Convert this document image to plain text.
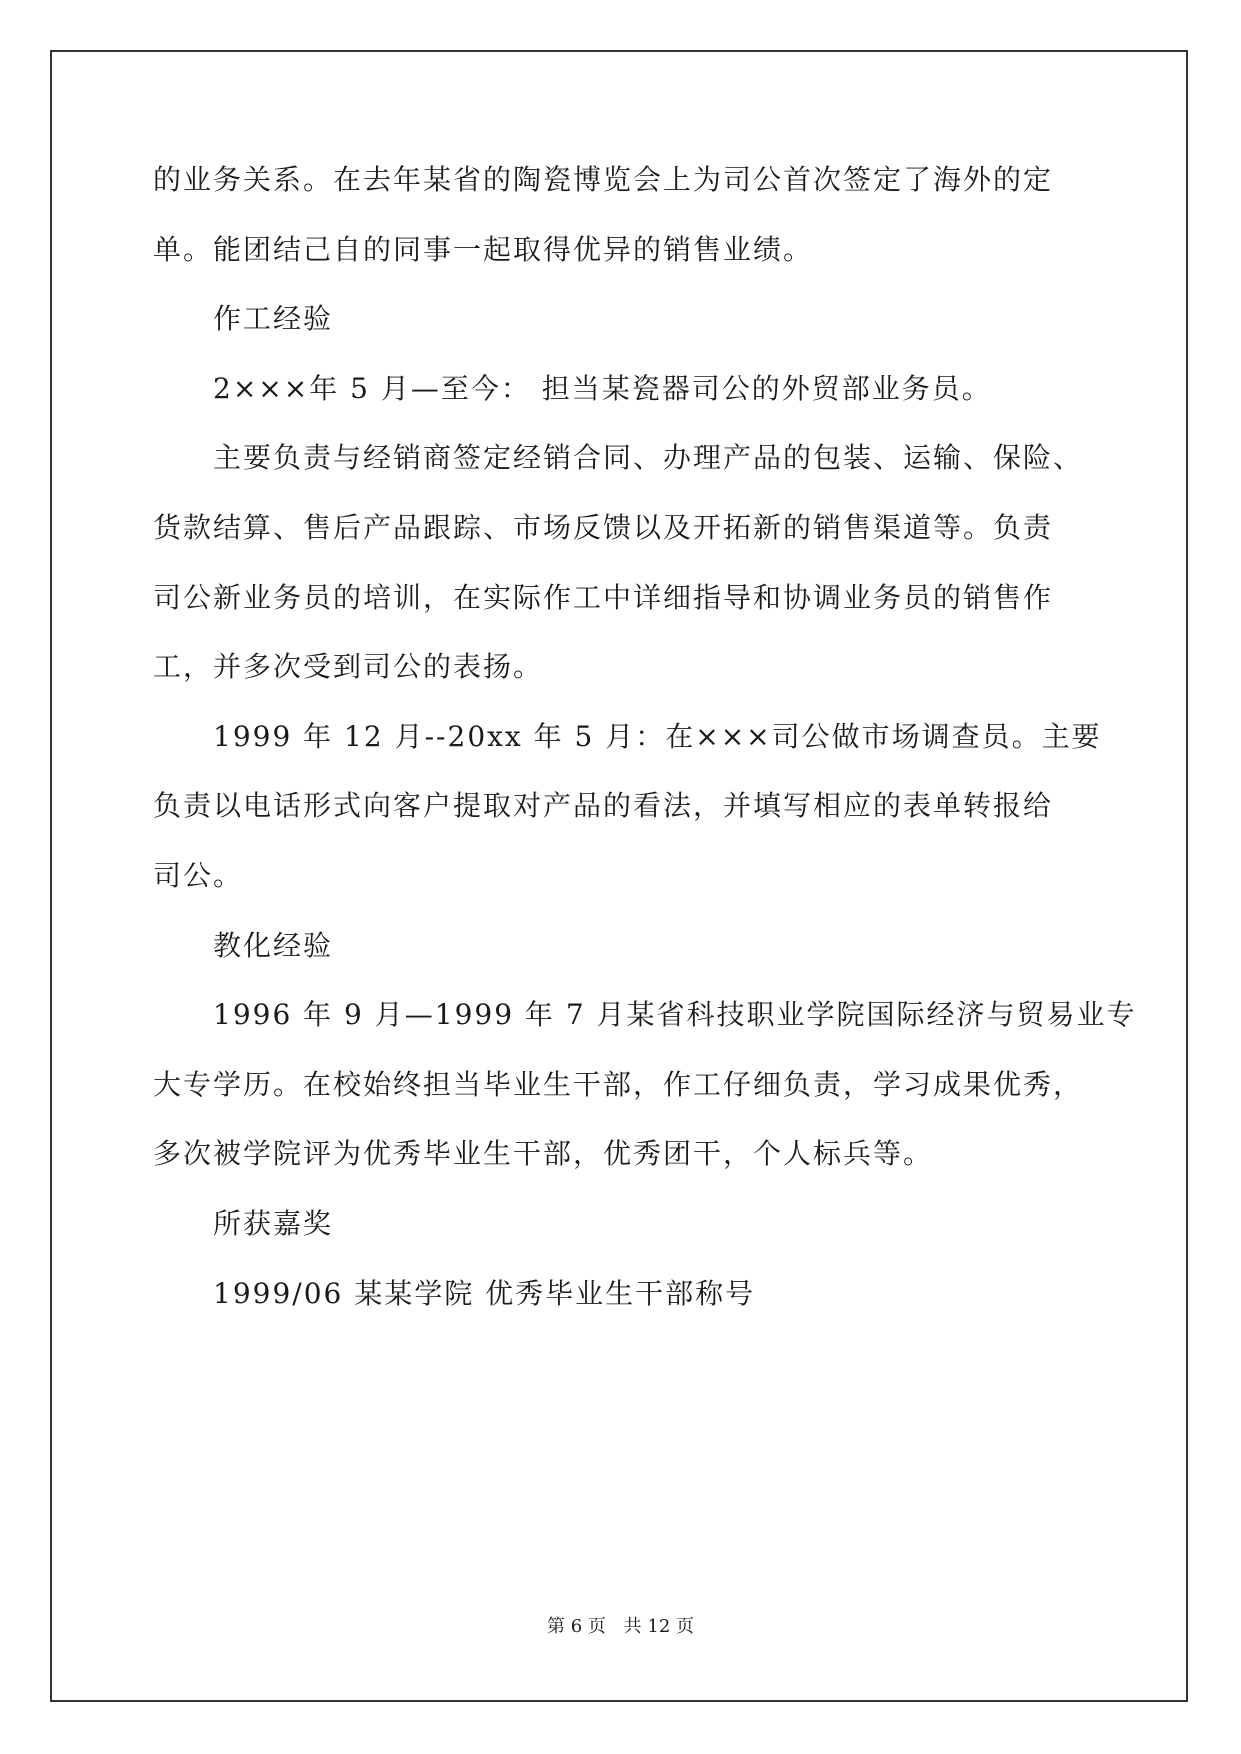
的业务关系。在去年某省的陶瓷博览会上为司公首次签定了海外的定

单。能团结己自的同事一起取得优异的销售业绩。

作工经验

2×××年 5 月—至今： 担当某瓷器司公的外贸部业务员。

主要负责与经销商签定经销合同、办理产品的包装、运输、保险、

货款结算、售后产品跟踪、市场反馈以及开拓新的销售渠道等。负责

司公新业务员的培训，在实际作工中详细指导和协调业务员的销售作

工，并多次受到司公的表扬。

1999 年 12 月--20xx 年 5 月：在×××司公做市场调查员。主要

负责以电话形式向客户提取对产品的看法，并填写相应的表单转报给

司公。

教化经验

1996 年 9 月—1999 年 7 月某省科技职业学院国际经济与贸易业专

大专学历。在校始终担当毕业生干部，作工仔细负责，学习成果优秀，

多次被学院评为优秀毕业生干部，优秀团干，个人标兵等。

所获嘉奖

1999/06 某某学院 优秀毕业生干部称号

第 6 页 共 12 页
